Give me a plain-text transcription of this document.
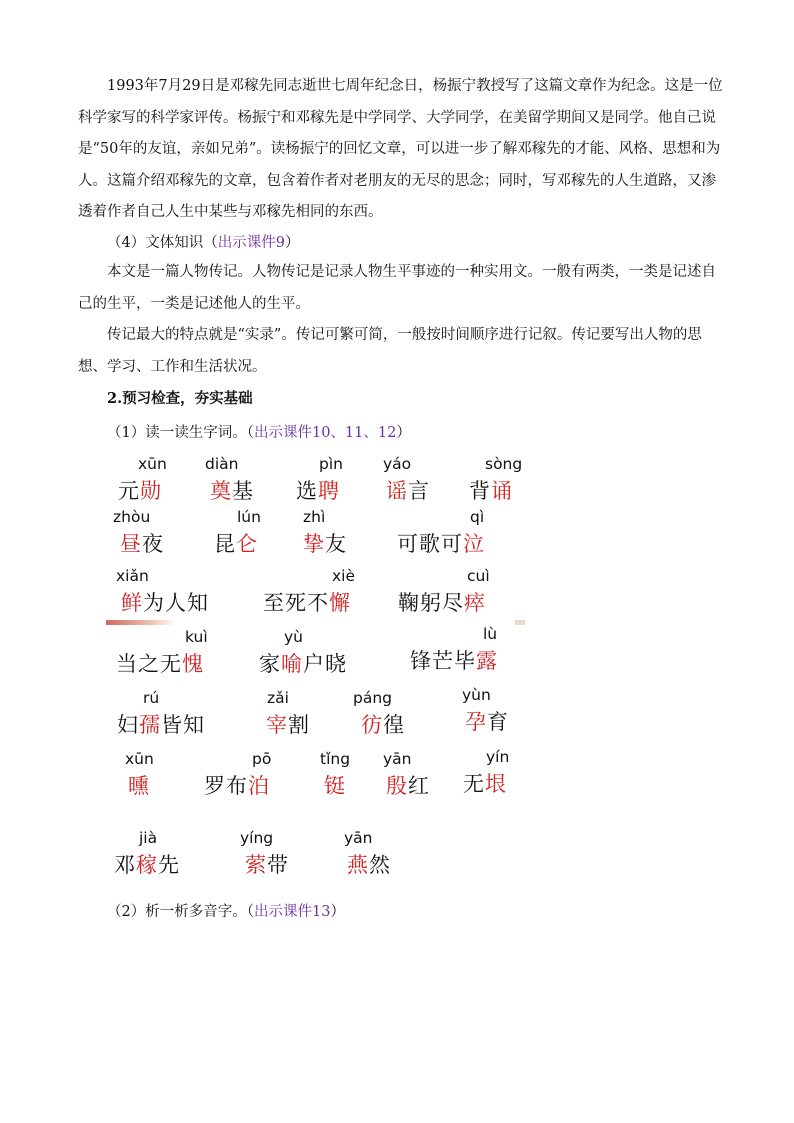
1993年7月29日是邓稼先同志逝世七周年纪念日，杨振宁教授写了这篇文章作为纪念。这是一位科学家写的科学家评传。杨振宁和邓稼先是中学同学、大学同学，在美留学期间又是同学。他自己说是“50年的友谊，亲如兄弟”。读杨振宁的回忆文章，可以进一步了解邓稼先的才能、风格、思想和为人。这篇介绍邓稼先的文章，包含着作者对老朋友的无尽的思念；同时，写邓稼先的人生道路，又渗透着作者自己人生中某些与邓稼先相同的东西。

（4）文体知识（出示课件9）

本文是一篇人物传记。人物传记是记录人物生平事迹的一种实用文。一般有两类，一类是记述自己的生平，一类是记述他人的生平。

传记最大的特点就是“实录”。传记可繁可简，一般按时间顺序进行记叙。传记要写出人物的思想、学习、工作和生活状况。

2.预习检查，夯实基础
（1）读一读生字词。（出示课件10、11、12）
元勋
xūn
奠基
diàn
选聘
pìn
谣言
yáo
背诵
sòng
昼夜
zhòu
昆仑
lún
挚友
zhì
可歌可泣
qì
鲜为人知
xiǎn
至死不懈
xiè
鞠躬尽瘁
cuì
当之无愧
kuì
家喻户晓
yù
锋芒毕露
lù
妇孺皆知
rú
宰割
zǎi
彷徨
páng
孕育
yùn
曛
xūn
罗布泊
pō
铤
tǐng
殷红
yān
无垠
yín
邓稼先
jià
萦带
yíng
燕然
yān
（2）析一析多音字。（出示课件13）
